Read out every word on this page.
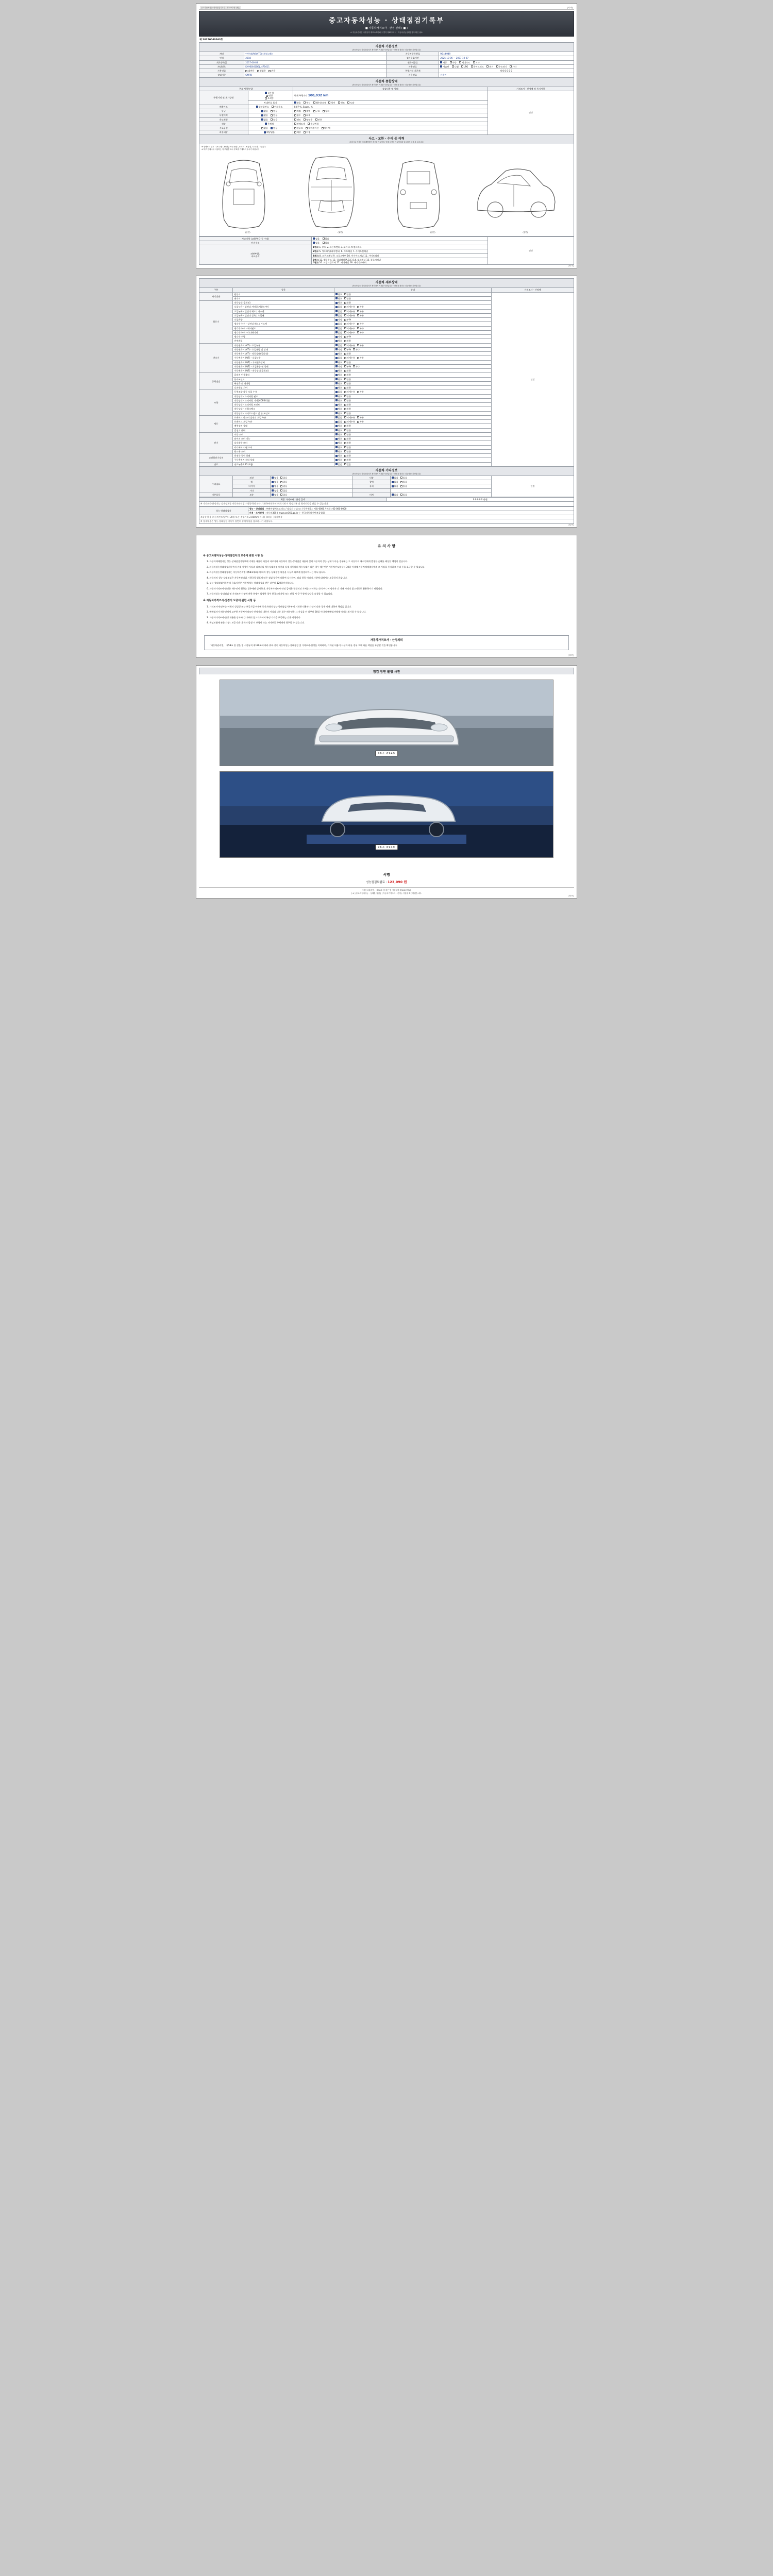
중고자동차성능·상태점검기록부 (제2조제1항 관련)	[제1쪽]
중고자동차성능 · 상태점검기록부
■ 자동차가격조사 · 산정 선택 ( ■ )
※ 자동차관리법 시행규칙 제120조제1항 / 별지 제82호서식 · 자동차성능상태점검자 확인 필요
제 20250040163호
자동차 기본정보
(자동차성능·상태점검자가 확인하여 기재한 사항입니다 · 산정을 원하는 경우에만 기재합니다)
차명	아반떼(AVANTE) (제정고출)	자동차등록번호	96소6949
연식	2018	검사유효기간	2025-10-06 ~ 2027-10-07
최초등록일	2017-06-03	변속기종류	자동 수동 세미오토 기타
차대번호	KMHD641D6JU471611	사용연료	가솔린 디젤 LPG 하이브리드 전기 수소전기 기타
사용연료	대여용 영업용 관용	주행거리 기준계	0 0 0 0 0 0
상태기준	GMPD	사용연료	가솔린
자동차 종합상태
(자동차성능·상태점검자가 확인하여 기재한 사항입니다 · 산정을 원하는 경우에만 기재합니다)
주요 사항/부위		점검내용 및 상태	가격조사 · 산정액 및 특기사항
주행거리 및 계기상태	실주행
변경
오작동	현재 주행거리 100,032 km	인정
	차대번호 표기	양호 부식 훼손(오손) 상이 변조 도말	
배출가스	일산화탄소 탄화수소	0.07 %, 5ppm, %	
튜닝	없음 있음	적법 불법 구조 장치	
특별이력	없음 있음	침수 화재	
용도변경	없음 있음	렌트 영업용 관용	
색상	무채색	전체도색 색상변경	
주요옵션	없음 있음	선루프 내비게이션 에어백	
리콜대상	해당없음	해당 이행	
사고 · 교환 · 수리 등 이력
(보험사고 이력은 보험개발원이 제공한 자료이며, 당해 차량의 사고이력과 일치하지 않을 수 있습니다)
※ 상태표시 부호 : ( X:교환 , W:판금 또는 용접 , C:부식 , A:흠집 , U:요철 , T:손상 )
※ 하부 업체에서 사용하는 각 부위별 표시 부호를 기재하여 주시기 바랍니다
(앞면)	(윗면)	(뒷면)	(옆면)
사고이력 (교환/판금 등 수리)	없음 있음	인정
단순수리	없음 있음	
외판부위 /
주요골격	1랭크 1. 후드 2. 프론트펜더 3. 도어 4. 트렁크리드	
	2랭크 5. 쿼터패널(리어펜더) 6. 루프패널 7. 사이드실패널	
	A랭크 8. 프론트패널 9. 크로스멤버 10. 인사이드패널 11. 사이드멤버	
	B랭크 12. 휠하우스 13. 필러패널(A,B,C) 14. 대쉬패널 15. 플로어패널
C랭크 16. 트렁크플로어 17. 리어패널 18. 패키지트레이	
[제1쪽]
자동차 세부상태
(자동차성능·상태점검자가 확인하여 기재한 사항입니다 · 산정을 원하는 경우에만 기재합니다)
구분	항목	상태	가격조사 · 산정액
자기진단	원동기	양호 불량	인정
	변속기	양호 불량	
원동기	작동상태(공회전)	양호 불량	
	오일누유 - 실린더 커버(로커암) 커버	없음 미세누유 누유	
	오일누유 - 실린더 헤드 / 가스켓	없음 미세누유 누유	
	오일누유 - 실린더 블록 / 오일팬	없음 미세누유 누유	
	오일유량	적정 부족	
	냉각수 누수 - 실린더 헤드 / 가스켓	없음 미세누수 누수	
	냉각수 누수 - 워터펌프	없음 미세누수 누수	
	냉각수 누수 - 라디에이터	없음 미세누수 누수	
	냉각수 수량	적정 부족	
	커먼레일	양호 불량	
변속기	자동변속기(A/T) - 오일누유	없음 미세누유 누유	
	자동변속기(A/T) - 오일유량 및 상태	적정 부족 과다	
	자동변속기(A/T) - 작동상태(공회전)	양호 불량	
	수동변속기(M/T) - 오일누유	없음 미세누유 누유	
	수동변속기(M/T) - 기어변속장치	양호 불량	
	수동변속기(M/T) - 오일유량 및 상태	적정 부족 과다	
	수동변속기(M/T) - 작동상태(공회전)	양호 불량	
동력전달	클러치 어셈블리	양호 불량	
	등속조인트	양호 불량	
	추진축 및 베어링	양호 불량	
	디퍼렌셜 기어	양호 불량	
조향	동력조향 작동 오일 누유	없음 미세누유 누유	
	작동상태 - 스티어링 펌프	양호 불량	
	작동상태 - 스티어링 기어(MDPS포함)	양호 불량	
	작동상태 - 스티어링 조인트	양호 불량	
	작동상태 - 파워크랭크	양호 불량	
	작동상태 - 타이로드엔드 및 볼 조인트	양호 불량	
제동	브레이크 마스터 실린더 오일 누유	없음 미세누유 누유	
	브레이크 오일 누유	없음 미세누유 누유	
	배력장치 상태	양호 불량	
	발전기 출력	양호 불량	
전기	시동 모터	양호 불량	
	와이퍼 모터 기능	양호 불량	
	실내송풍 모터	양호 불량	
	라디에이터 팬 모터	양호 불량	
	윈도우 모터	양호 불량	
고전원전기장치	충전구 절연 상태	양호 불량	
	구동축전지 격리 상태	양호 불량	
연료	연료누출(LPG 포함)	없음 있음	
자동차 기타정보
(자동차성능·상태점검자가 확인하여 기재한 사항입니다 · 산정을 원하는 경우에만 기재합니다)
수리필요	외장	없음 있음	내장	없음 있음	인정
	휠	없음 있음	광택	없음 있음	
	타이어	없음 있음	유리	없음 있음	
	기타	없음 있음			
기본품목	보유	없음 있음	비치	없음 있음	
최종 가격조사 · 산정 금액	0 0 0 0 0 만원
※ 가격조사·산정자는 실제정보를 자동차관리법 시행규칙에 따라 기재하여야 하며 허위기재 시 행정처분 및 형사처벌을 받을 수 있습니다.
성능·상태점검자	성능 · 상태점검 : ㈜케이엠에스모터스 / 점검자 : 김○○ / 등록번호 : 서울-0000 / 전화 : 02-000-0000
가격 · 조사산정 : 자동차365 ( www.car365.go.kr ) · 한국자동차진단보증협회
보증유형: [ ]자동차인도일부터 30일 또는 주행거리 2,000km 이내 [ ]보험 [ ]자가보증
※ 상세내용은 성능·상태점검 기록부 뒷면의 유의사항을 참고하시기 바랍니다.
[제2쪽]
유 의 사 항
※ 중고차량자성능·상태점검자의 보증에 관한 사항 등

1. 자동차매매업자는 성능·상태점검기록부에 기재한 내용이 사실과 다르거나 자동차의 성능·상태점검 내용과 실제 자동차의 성능·상태가 다른 경우에는 그 자동차의 매수인에게 발생한 손해를 배상할 책임이 있습니다.

2. 자동차성능상태점검기록부의 기재 사항이 사실과 다르거나 성능상태점검 내용과 실제 자동차의 성능상태가 다른 경우 매수인은 자동차인도일부터 30일 이내에 자동차매매업자에게 그 사실을 통지하고 수리 등을 요구할 수 있습니다.

3. 자동차성능상태점검자는 자동차관리법 제58조제4항에 따라 성능·상태점검 내용을 사실과 다르게 점검하여서는 아니 됩니다.

4. 자동차의 성능·상태점검은 자동차관리법 시행규칙 별표에 따른 점검 항목에 대하여 실시하며, 점검 항목 이외의 사항에 대해서는 보증하지 않습니다.

5. 성능·상태점검기록부의 유효기간은 자동차성능·상태점검을 받은 날부터 120일까지입니다.

6. 자동차가격조사·산정은 매수인이 원하는 경우에만 실시하며, 자동차가격조사·산정 금액은 절대적인 가치를 의미하는 것이 아니며 당사자 간 거래 가격의 참고자료로 활용하시기 바랍니다.

7. 자동차성능·상태점검 및 가격조사·산정에 관한 분쟁이 발생한 경우 한국소비자원 또는 관할 시·군·구청에 상담을 요청할 수 있습니다.

※ 자동차가격조사·산정의 보증에 관한 사항 등

1. 가격조사·산정자는 이해의 성실성 또는 보증기일 이내에 중간거래의 성능·상태점검기록부에 기재한 내용과 사실이 다른 경우 이에 대하여 책임을 집니다.

2. 매매업자가 매수인에게 교부한 자동차가격조사·산정서의 내용이 사실과 다른 경우 매수인은 그 사실을 안 날부터 30일 이내에 매매업자에게 이의를 제기할 수 있습니다.

3. 자동차가격조사·산정 내용은 당사자 간 거래의 참고자료이며 특정 가격을 보증하는 것은 아닙니다.

4. 책임보험에 관한 사항 : 보증기간 내 하자 발생 시 보험사 또는 자가보증 주체에게 청구할 수 있습니다.

자동차가격조사 · 산정의뢰
「자동차관리법」 제58조 및 같은 법 시행규칙 제120조에 따라 위와 같이 자동차성능·상태점검 및 가격조사·산정을 의뢰하며, 기재된 내용이 사실과 다를 경우 그에 따른 책임을 부담할 것을 확인합니다.
[제3쪽]
점검 장면 촬영 사진
96소 6949
96소 6949
서명
성능점검보험료 : 123,090 원
「자동차관리법」 제58조 및 같은 법 시행규칙 제120조제1항
[ ※ ] 중고자동차성능 · 상태를 점검 [ ] 자동차가격조사 · 산정 ) 사항을 확인하였습니다.
[제4쪽]
